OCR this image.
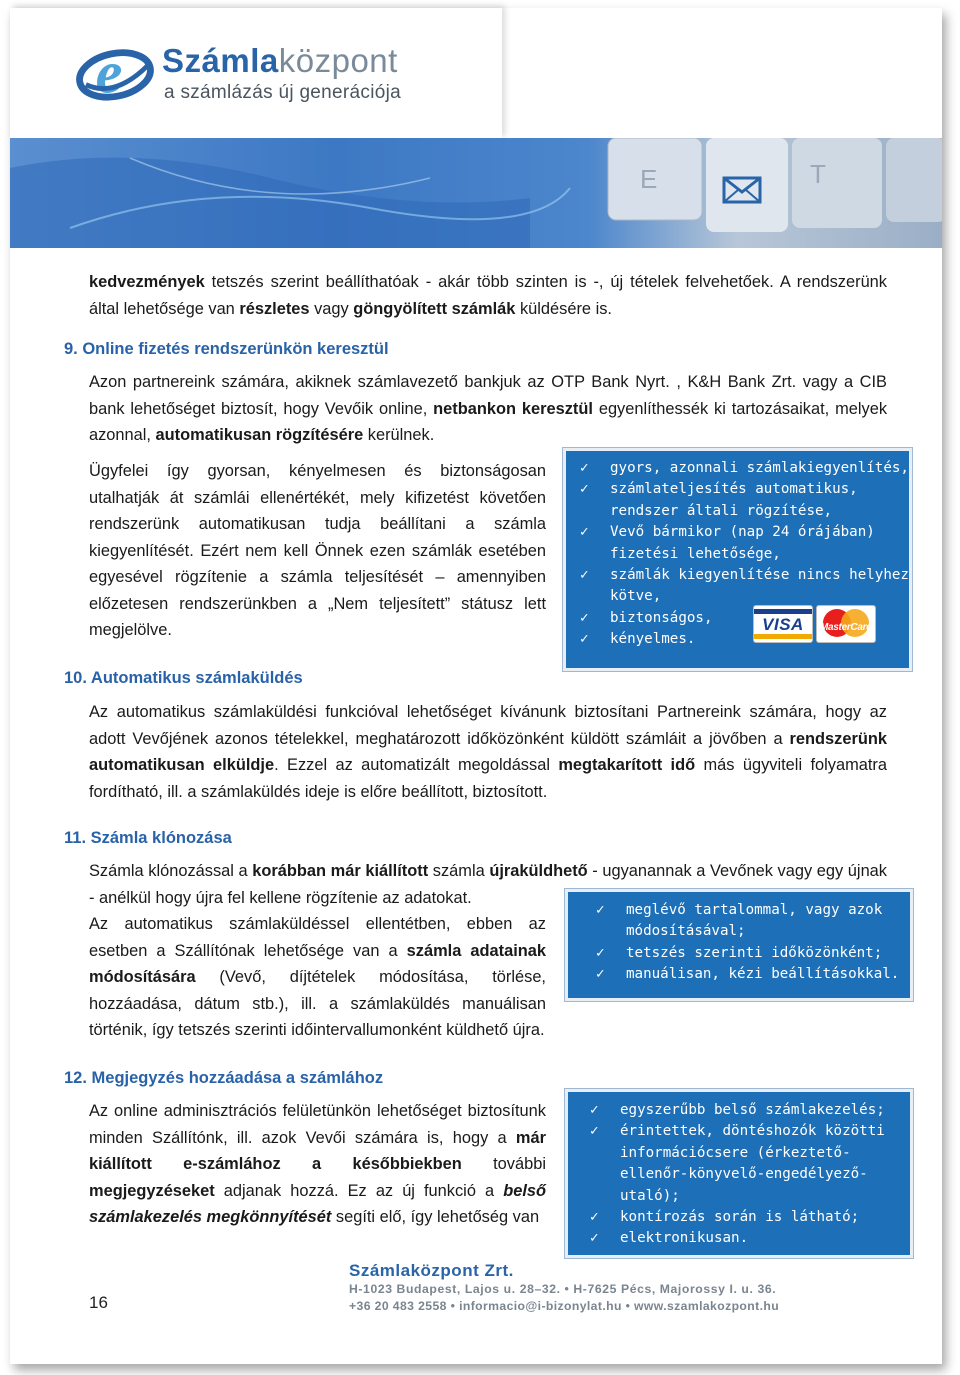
e Számlaközpont
a számlázás új generációja
E	T
kedvezmények tetszés szerint beállíthatóak - akár több szinten is -, új tételek felvehetőek. A rendszerünk által lehetősége van részletes vagy göngyölített számlák küldésére is.
9. Online fizetés rendszerünkön keresztül
Azon partnereink számára, akiknek számlavezető bankjuk az OTP Bank Nyrt. , K&H Bank Zrt. vagy a CIB bank lehetőséget biztosít, hogy Vevőik online, netbankon keresztül egyenlíthessék ki tartozásaikat, melyek azonnal, automatikusan rögzítésére kerülnek.
Ügyfelei így gyorsan, kényelmesen és biztonságosan utalhatják át számlái ellenértékét, mely kifizetést követően rendszerünk automatikusan tudja beállítani a számla kiegyenlítését. Ezért nem kell Önnek ezen számlák esetében egyesével rögzítenie a számla teljesítését – amennyiben előzetesen rendszerünkben a „Nem teljesített” státusz lett megjelölve.
✓ gyors, azonnali számlakiegyenlítés,
✓ számlateljesítés automatikus, rendszer általi rögzítése,
✓ Vevő bármikor (nap 24 órájában) fizetési lehetősége,
✓ számlák kiegyenlítése nincs helyhez kötve,
✓ biztonságos,
✓ kényelmes.
VISA	MasterCard
10. Automatikus számlaküldés
Az automatikus számlaküldési funkcióval lehetőséget kívánunk biztosítani Partnereink számára, hogy az adott Vevőjének azonos tételekkel, meghatározott időközönként küldött számláit a jövőben a rendszerünk automatikusan elküldje. Ezzel az automatizált megoldással megtakarított idő más ügyviteli folyamatra fordítható, ill. a számlaküldés ideje is előre beállított, biztosított.
11. Számla klónozása
Számla klónozással a korábban már kiállított számla újraküldhető - ugyanannak a Vevőnek vagy egy újnak - anélkül hogy újra fel kellene rögzítenie az adatokat.
Az automatikus számlaküldéssel ellentétben, ebben az esetben a Szállítónak lehetősége van a számla adatainak módosítására (Vevő, díjtételek módosítása, törlése, hozzáadása, dátum stb.), ill. a számlaküldés manuálisan történik, így tetszés szerinti időintervallumonként küldhető újra.
✓ meglévő tartalommal, vagy azok módosításával;
✓ tetszés szerinti időközönként;
✓ manuálisan, kézi beállításokkal.
12. Megjegyzés hozzáadása a számlához
Az online adminisztrációs felületünkön lehetőséget biztosítunk minden Szállítónk, ill. azok Vevői számára is, hogy a már kiállított e-számlához a későbbiekben további megjegyzéseket adjanak hozzá. Ez az új funkció a belső számlakezelés megkönnyítését segíti elő, így lehetőség van
✓ egyszerűbb belső számlakezelés;
✓ érintettek, döntéshozók közötti információcsere (érkeztető-ellenőr-könyvelő-engedélyező-utaló);
✓ kontírozás során is látható;
✓ elektronikusan.
16
Számlaközpont Zrt.
H-1023 Budapest, Lajos u. 28–32. • H-7625 Pécs, Majorossy I. u. 36.
+36 20 483 2558 • informacio@i-bizonylat.hu • www.szamlakozpont.hu
